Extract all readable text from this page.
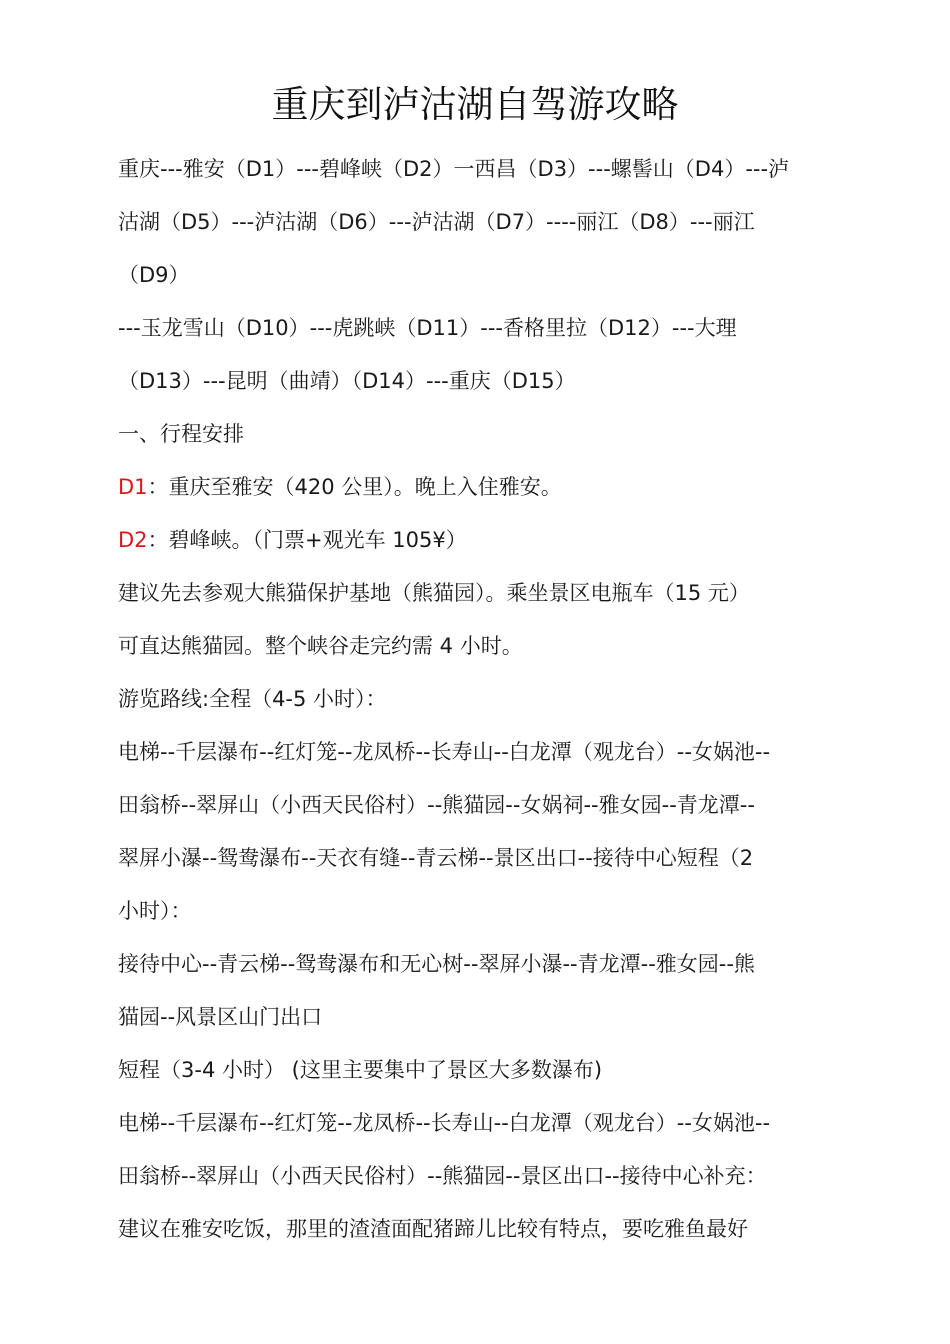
重庆到泸沽湖自驾游攻略
重庆---雅安（D1）---碧峰峡（D2）一西昌（D3）---螺髻山（D4）---泸
沽湖（D5）---泸沽湖（D6）---泸沽湖（D7）----丽江（D8）---丽江
（D9）
---玉龙雪山（D10）---虎跳峡（D11）---香格里拉（D12）---大理
（D13）---昆明（曲靖）（D14）---重庆（D15）
一、行程安排
D1：重庆至雅安（420 公里）。晚上入住雅安。
D2：碧峰峡。（门票+观光车 105¥）
建议先去参观大熊猫保护基地（熊猫园）。乘坐景区电瓶车（15 元）
可直达熊猫园。整个峡谷走完约需 4 小时。
游览路线:全程（4-5 小时）：
电梯--千层瀑布--红灯笼--龙凤桥--长寿山--白龙潭（观龙台）--女娲池--
田翁桥--翠屏山（小西天民俗村）--熊猫园--女娲祠--雅女园--青龙潭--
翠屏小瀑--鸳鸯瀑布--天衣有缝--青云梯--景区出口--接待中心短程（2
小时）：
接待中心--青云梯--鸳鸯瀑布和无心树--翠屏小瀑--青龙潭--雅女园--熊
猫园--风景区山门出口
短程（3-4 小时） (这里主要集中了景区大多数瀑布)
电梯--千层瀑布--红灯笼--龙凤桥--长寿山--白龙潭（观龙台）--女娲池--
田翁桥--翠屏山（小西天民俗村）--熊猫园--景区出口--接待中心补充：
建议在雅安吃饭，那里的渣渣面配猪蹄儿比较有特点，要吃雅鱼最好
